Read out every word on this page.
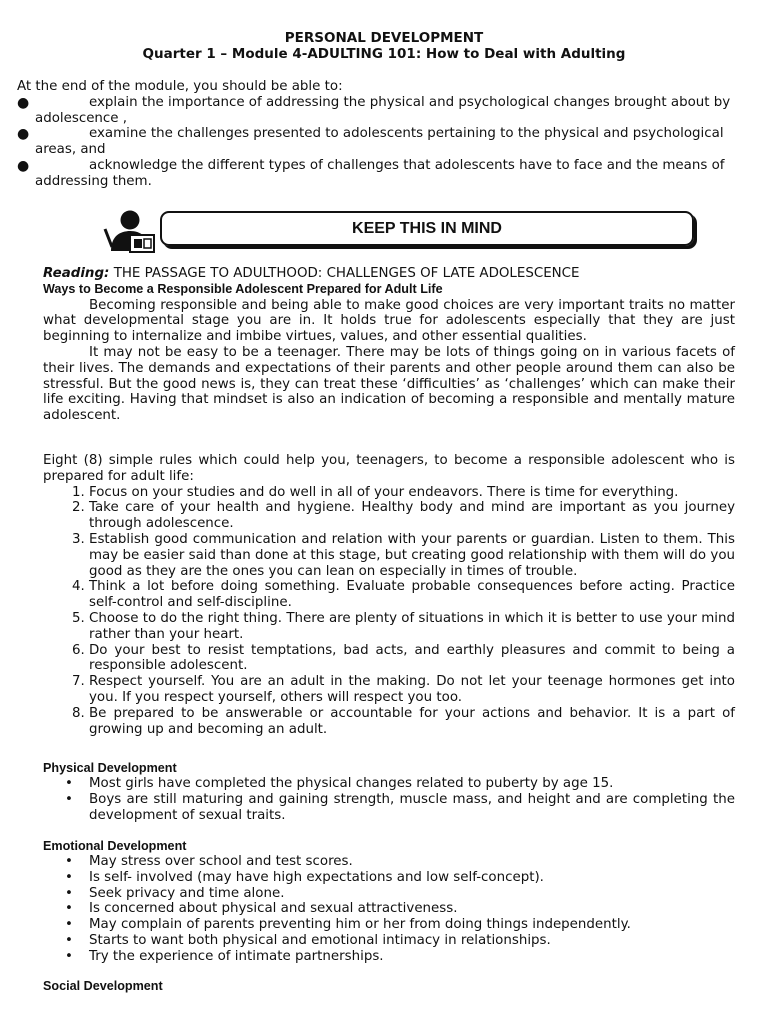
PERSONAL DEVELOPMENT
Quarter 1 – Module 4-ADULTING 101: How to Deal with Adulting
At the end of the module, you should be able to:
●	explain the importance of addressing the physical and psychological changes brought about by adolescence ,
●	examine the challenges presented to adolescents pertaining to the physical and psychological areas, and
●	acknowledge the different types of challenges that adolescents have to face and the means of addressing them.
KEEP THIS IN MIND

Reading: THE PASSAGE TO ADULTHOOD: CHALLENGES OF LATE ADOLESCENCE

Ways to Become a Responsible Adolescent Prepared for Adult Life

Becoming responsible and being able to make good choices are very important traits no matter what developmental stage you are in. It holds true for adolescents especially that they are just beginning to internalize and imbibe virtues, values, and other essential qualities.

It may not be easy to be a teenager. There may be lots of things going on in various facets of their lives. The demands and expectations of their parents and other people around them can also be stressful. But the good news is, they can treat these ‘difficulties’ as ‘challenges’ which can make their life exciting. Having that mindset is also an indication of becoming a responsible and mentally mature adolescent.

Eight (8) simple rules which could help you, teenagers, to become a responsible adolescent who is prepared for adult life:

1. Focus on your studies and do well in all of your endeavors. There is time for everything.
2. Take care of your health and hygiene. Healthy body and mind are important as you journey through adolescence.
3. Establish good communication and relation with your parents or guardian. Listen to them. This may be easier said than done at this stage, but creating good relationship with them will do you good as they are the ones you can lean on especially in times of trouble.
4. Think a lot before doing something. Evaluate probable consequences before acting. Practice self-control and self-discipline.
5. Choose to do the right thing. There are plenty of situations in which it is better to use your mind rather than your heart.
6. Do your best to resist temptations, bad acts, and earthly pleasures and commit to being a responsible adolescent.
7. Respect yourself. You are an adult in the making. Do not let your teenage hormones get into you. If you respect yourself, others will respect you too.
8. Be prepared to be answerable or accountable for your actions and behavior. It is a part of growing up and becoming an adult.
Physical Development
• Most girls have completed the physical changes related to puberty by age 15.
• Boys are still maturing and gaining strength, muscle mass, and height and are completing the development of sexual traits.
Emotional Development
• May stress over school and test scores.
• Is self- involved (may have high expectations and low self-concept).
• Seek privacy and time alone.
• Is concerned about physical and sexual attractiveness.
• May complain of parents preventing him or her from doing things independently.
• Starts to want both physical and emotional intimacy in relationships.
• Try the experience of intimate partnerships.
Social Development
